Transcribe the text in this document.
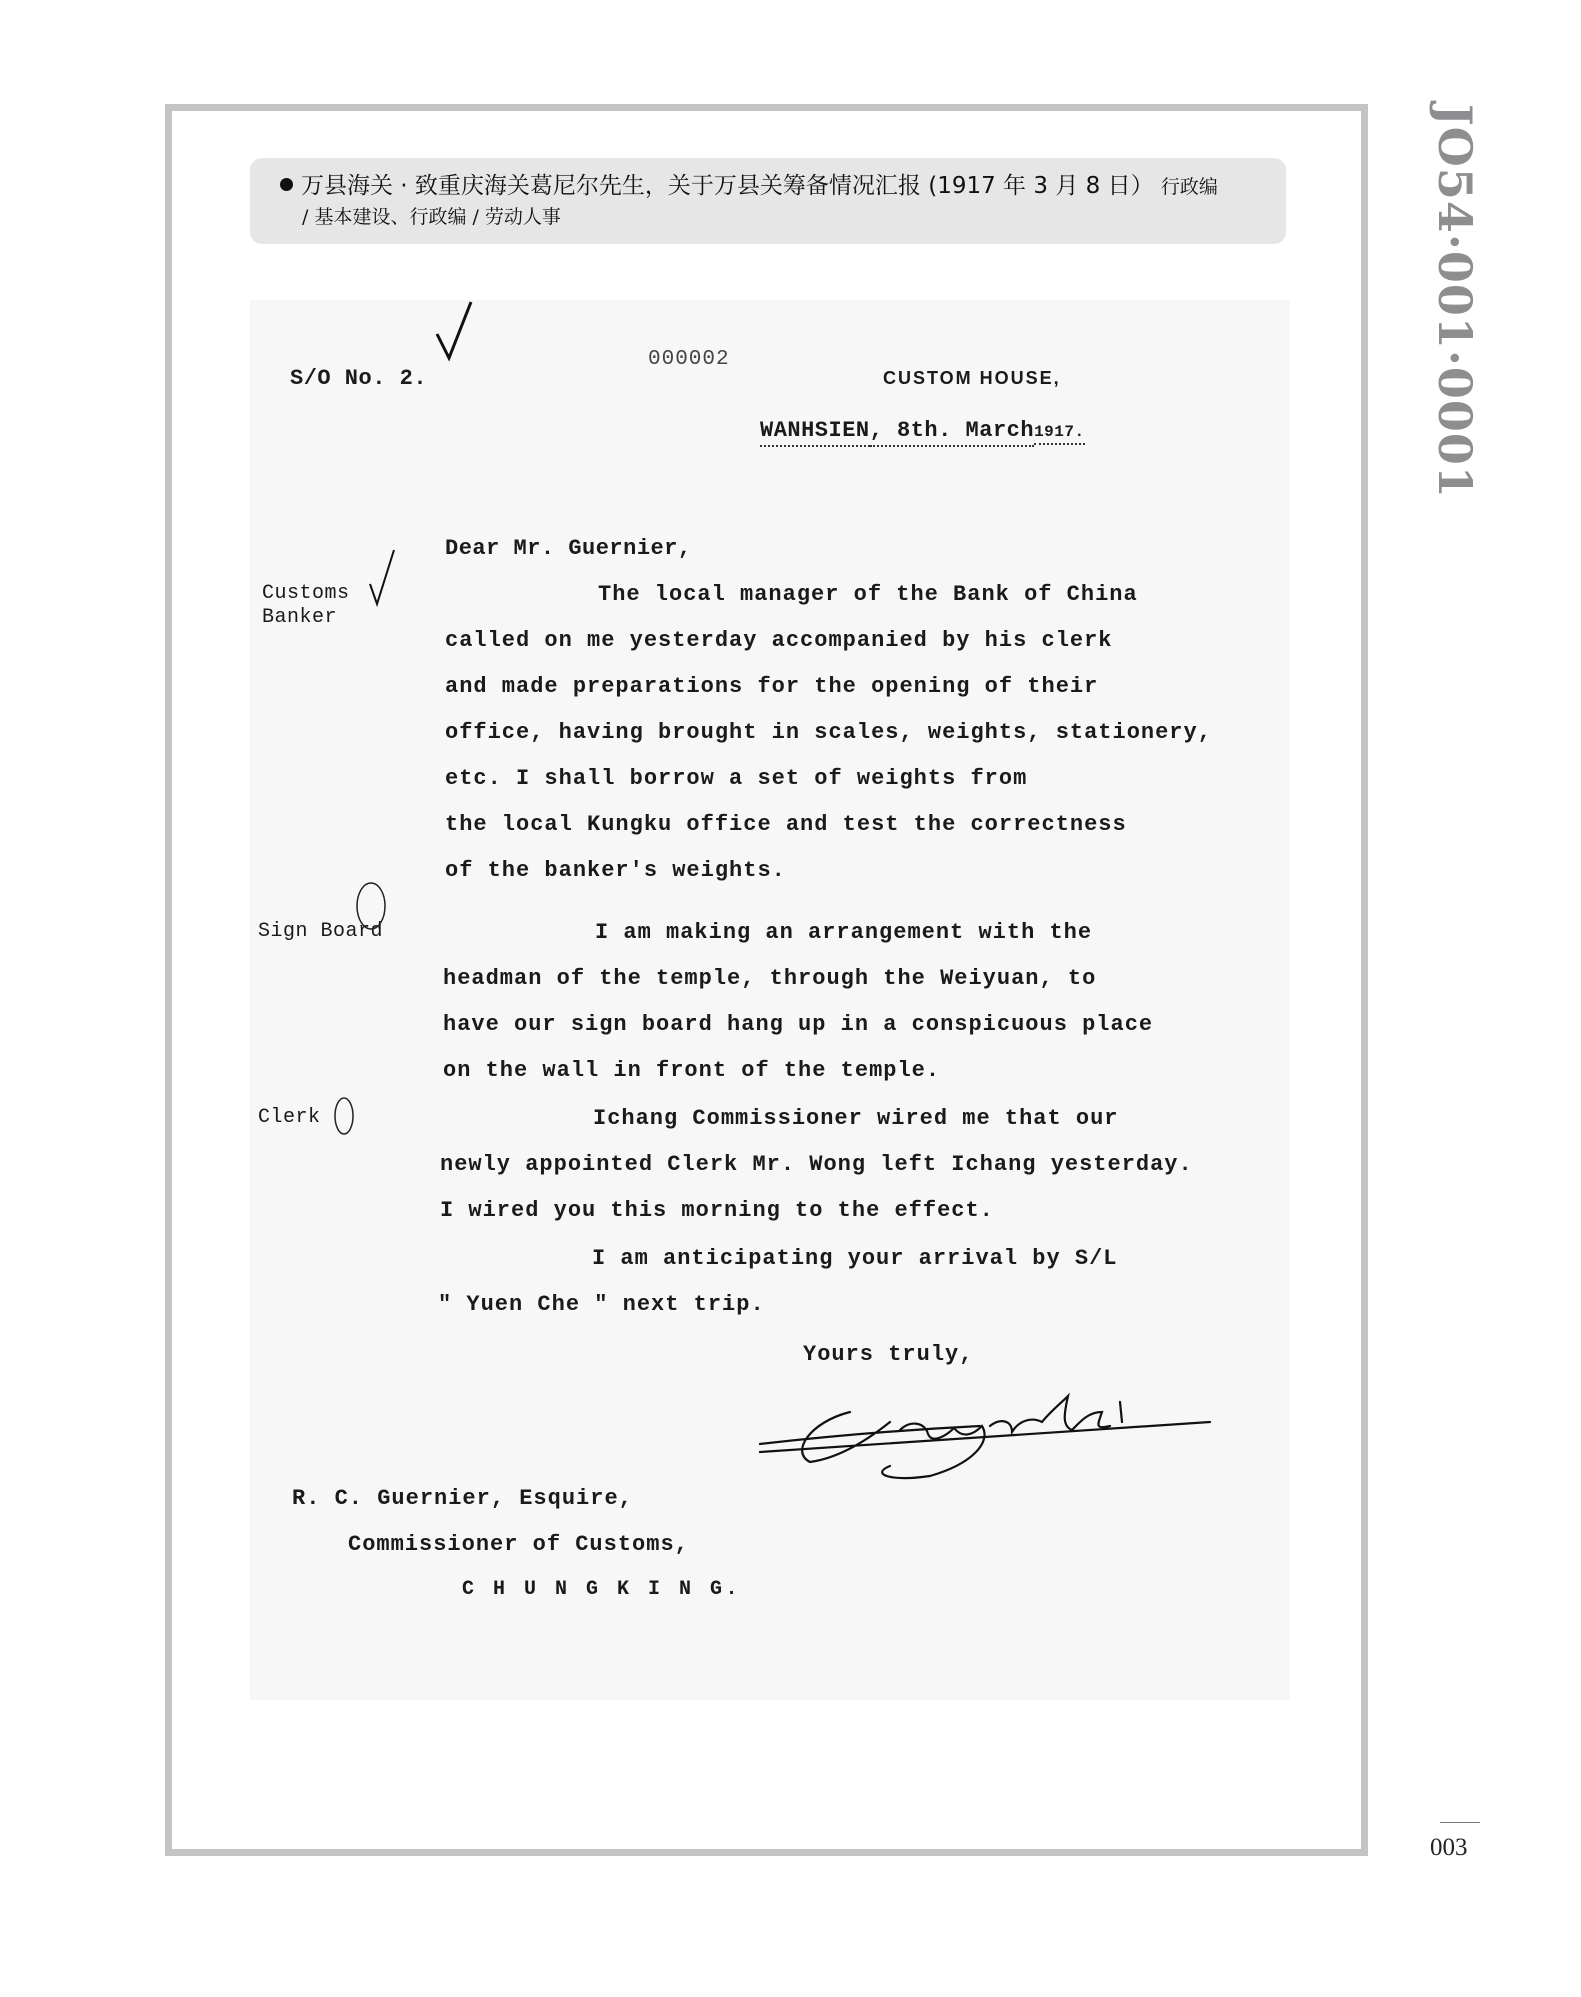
万县海关 · 致重庆海关葛尼尔先生，关于万县关筹备情况汇报 (1917 年 3 月 8 日） 行政编
/ 基本建设、行政编 / 劳动人事	JO54·001·0001
003
S/O No. 2.
000002
CUSTOM HOUSE,
WANHSIEN, 8th. March1917.
Dear Mr. Guernier,
Customs
Banker
Sign Board
Clerk
The local manager of the Bank of China
called on me yesterday accompanied by his clerk
and made preparations for the opening of their
office, having brought in scales, weights, stationery,
etc. I shall borrow a set of weights from
the local Kungku office and test the correctness
of the banker's weights.
I am making an arrangement with the
headman of the temple, through the Weiyuan, to
have our sign board hang up in a conspicuous place
on the wall in front of the temple.
Ichang Commissioner wired me that our
newly appointed Clerk Mr. Wong left Ichang yesterday.
I wired you this morning to the effect.
I am anticipating your arrival by S/L
" Yuen Che " next trip.
Yours truly,
R. C. Guernier, Esquire,
Commissioner of Customs,
C H U N G K I N G.
